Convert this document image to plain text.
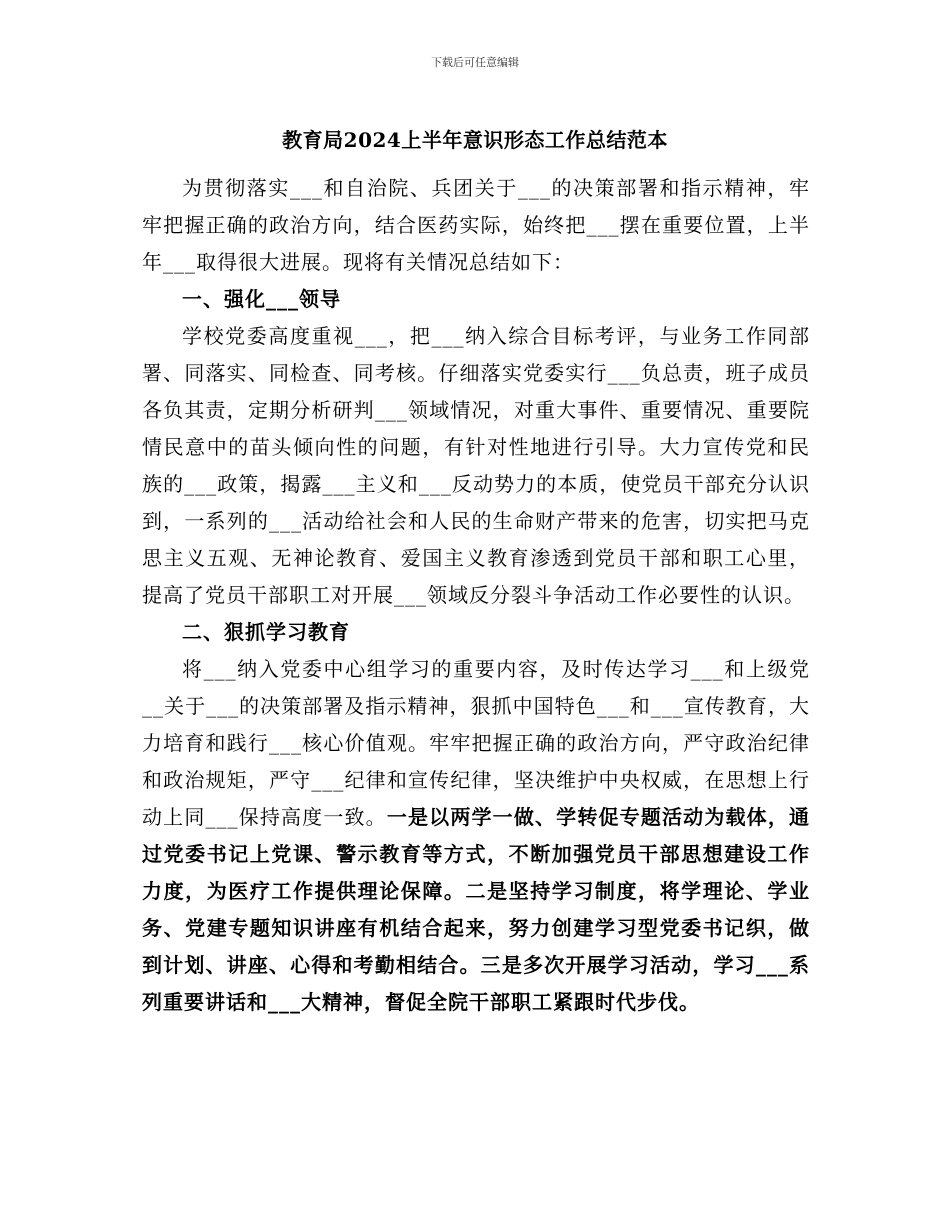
下载后可任意编辑
教育局2024上半年意识形态工作总结范本

为贯彻落实___和自治院、兵团关于___的决策部署和指示精神，牢牢把握正确的政治方向，结合医药实际，始终把___摆在重要位置，上半年___取得很大进展。现将有关情况总结如下：

一、强化___领导

学校党委高度重视___，把___纳入综合目标考评，与业务工作同部署、同落实、同检查、同考核。仔细落实党委实行___负总责，班子成员各负其责，定期分析研判___领域情况，对重大事件、重要情况、重要院情民意中的苗头倾向性的问题，有针对性地进行引导。大力宣传党和民族的___政策，揭露___主义和___反动势力的本质，使党员干部充分认识到，一系列的___活动给社会和人民的生命财产带来的危害，切实把马克思主义五观、无神论教育、爱国主义教育渗透到党员干部和职工心里，提高了党员干部职工对开展___领域反分裂斗争活动工作必要性的认识。

二、狠抓学习教育

将___纳入党委中心组学习的重要内容，及时传达学习___和上级党__关于___的决策部署及指示精神，狠抓中国特色___和___宣传教育，大力培育和践行___核心价值观。牢牢把握正确的政治方向，严守政治纪律和政治规矩，严守___纪律和宣传纪律，坚决维护中央权威，在思想上行动上同___保持高度一致。一是以两学一做、学转促专题活动为载体，通过党委书记上党课、警示教育等方式，不断加强党员干部思想建设工作力度，为医疗工作提供理论保障。二是坚持学习制度，将学理论、学业务、党建专题知识讲座有机结合起来，努力创建学习型党委书记织，做到计划、讲座、心得和考勤相结合。三是多次开展学习活动，学习___系列重要讲话和___大精神，督促全院干部职工紧跟时代步伐。
